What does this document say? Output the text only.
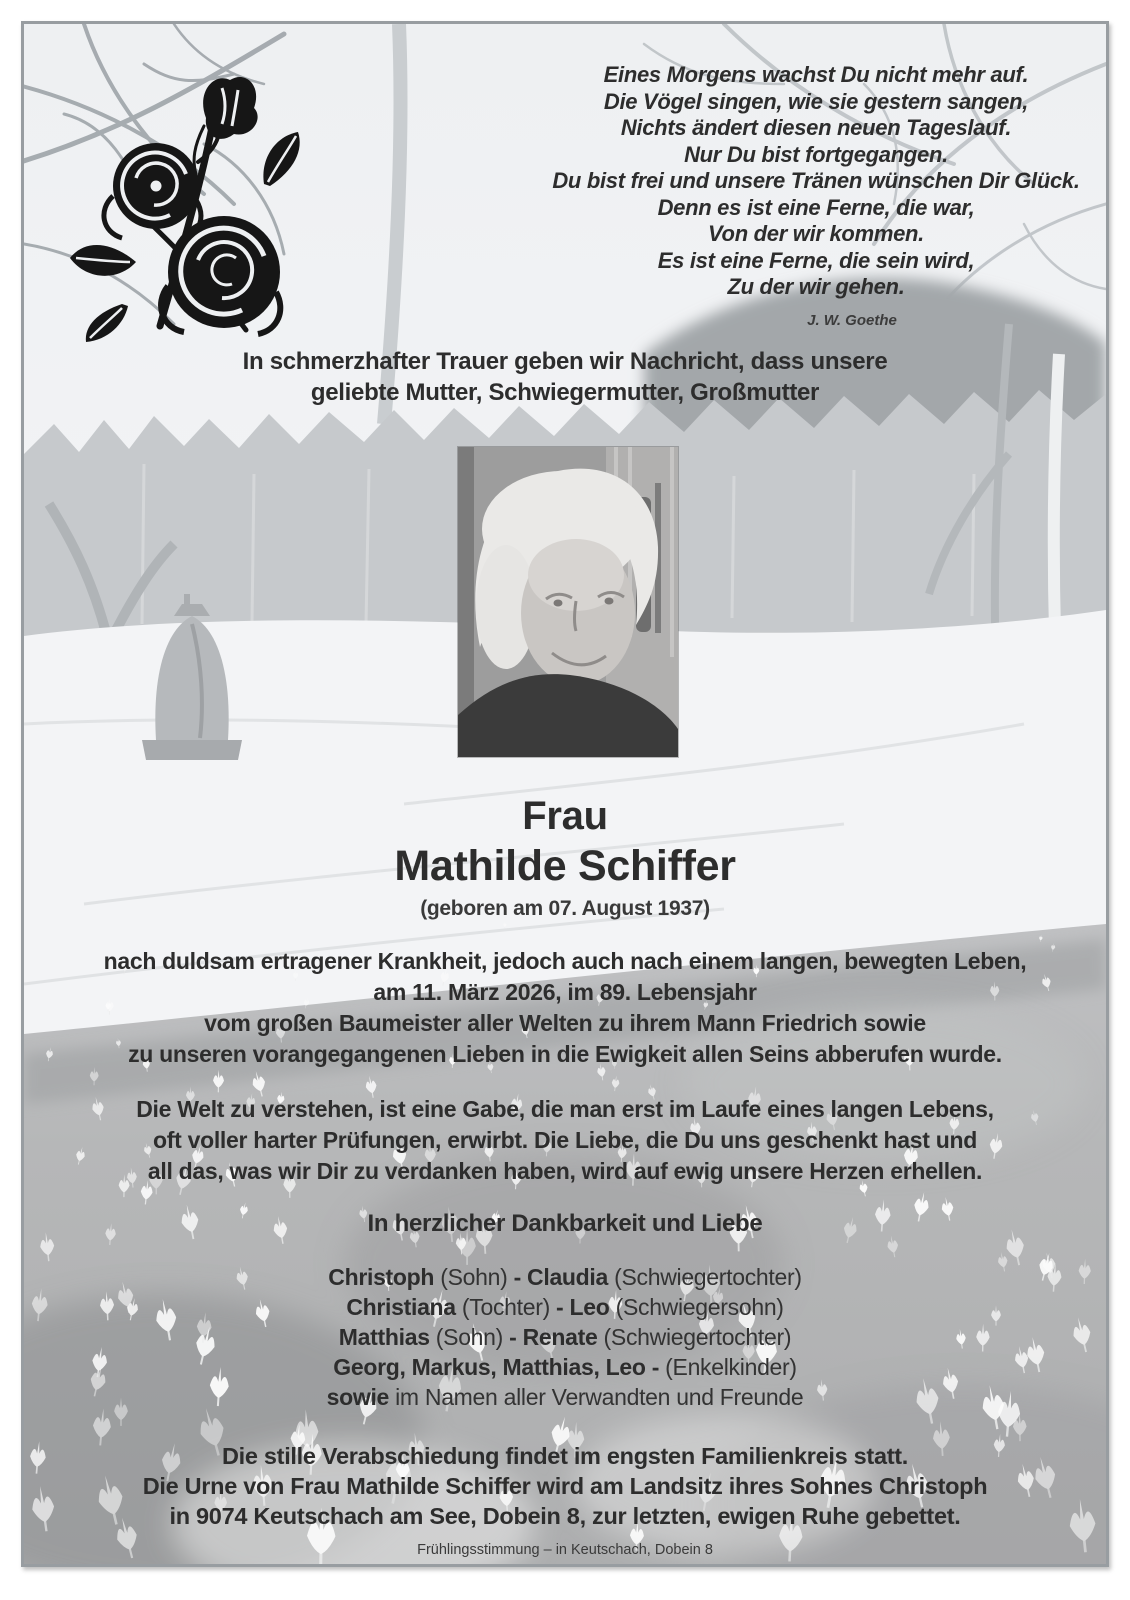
Eines Morgens wachst Du nicht mehr auf.
Die Vögel singen, wie sie gestern sangen,
Nichts ändert diesen neuen Tageslauf.
Nur Du bist fortgegangen.
Du bist frei und unsere Tränen wünschen Dir Glück.
Denn es ist eine Ferne, die war,
Von der wir kommen.
Es ist eine Ferne, die sein wird,
Zu der wir gehen.
J. W. Goethe
In schmerzhafter Trauer geben wir Nachricht, dass unsere
geliebte Mutter, Schwiegermutter, Großmutter
Frau
Mathilde Schiffer
(geboren am 07. August 1937)
nach duldsam ertragener Krankheit, jedoch auch nach einem langen, bewegten Leben,
am 11. März 2026, im 89. Lebensjahr
vom großen Baumeister aller Welten zu ihrem Mann Friedrich sowie
zu unseren vorangegangenen Lieben in die Ewigkeit allen Seins abberufen wurde.
Die Welt zu verstehen, ist eine Gabe, die man erst im Laufe eines langen Lebens,
oft voller harter Prüfungen, erwirbt. Die Liebe, die Du uns geschenkt hast und
all das, was wir Dir zu verdanken haben, wird auf ewig unsere Herzen erhellen.
In herzlicher Dankbarkeit und Liebe
Christoph (Sohn) - Claudia (Schwiegertochter)
Christiana (Tochter) - Leo (Schwiegersohn)
Matthias (Sohn) - Renate (Schwiegertochter)
Georg, Markus, Matthias, Leo - (Enkelkinder)
sowie im Namen aller Verwandten und Freunde
Die stille Verabschiedung findet im engsten Familienkreis statt.
Die Urne von Frau Mathilde Schiffer wird am Landsitz ihres Sohnes Christoph
in 9074 Keutschach am See, Dobein 8, zur letzten, ewigen Ruhe gebettet.
Frühlingsstimmung – in Keutschach, Dobein 8
